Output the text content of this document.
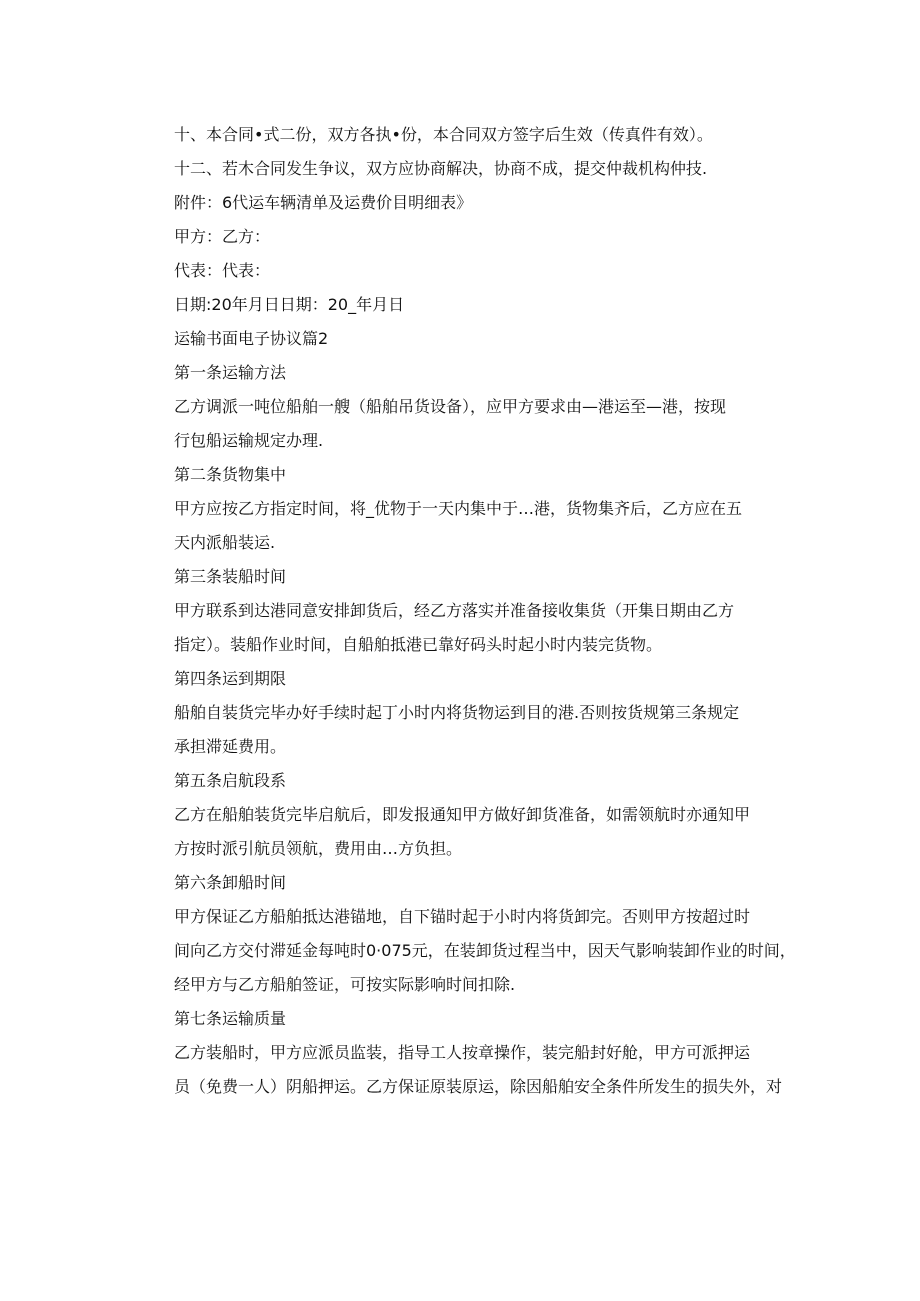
十、本合同•式二份，双方各执•份，本合同双方签字后生效（传真件有效）。
十二、若木合同发生争议，双方应协商解决，协商不成，提交仲裁机构仲技.
附件：6代运车辆清单及运费价目明细表》
甲方：乙方：
代表：代表：
日期:20年月日日期：20_年月日
运输书面电子协议篇2
第一条运输方法
乙方调派一吨位船舶一艘（船舶吊货设备），应甲方要求由—港运至—港，按现
行包船运输规定办理.
第二条货物集中
甲方应按乙方指定时间，将_优物于一天内集中于…港，货物集齐后，乙方应在五
天内派船装运.
第三条装船时间
甲方联系到达港同意安排卸货后，经乙方落实并准备接收集货（开集日期由乙方
指定）。装船作业时间，自船舶抵港已靠好码头时起小时内装完货物。
第四条运到期限
船舶自装货完毕办好手续时起丁小时内将货物运到目的港.否则按货规第三条规定
承担滞延费用。
第五条启航段系
乙方在船舶装货完毕启航后，即发报通知甲方做好卸货准备，如需领航时亦通知甲
方按时派引航员领航，费用由…方负担。
第六条卸船时间
甲方保证乙方船舶抵达港锚地，自下锚时起于小时内将货卸完。否则甲方按超过时
间向乙方交付滞延金每吨时0·075元，在装卸货过程当中，因天气影响装卸作业的时间，
经甲方与乙方船舶签证，可按实际影响时间扣除.
第七条运输质量
乙方装船时，甲方应派员监装，指导工人按章操作，装完船封好舱，甲方可派押运
员（免费一人）阴船押运。乙方保证原装原运，除因船舶安全条件所发生的损失外，对
